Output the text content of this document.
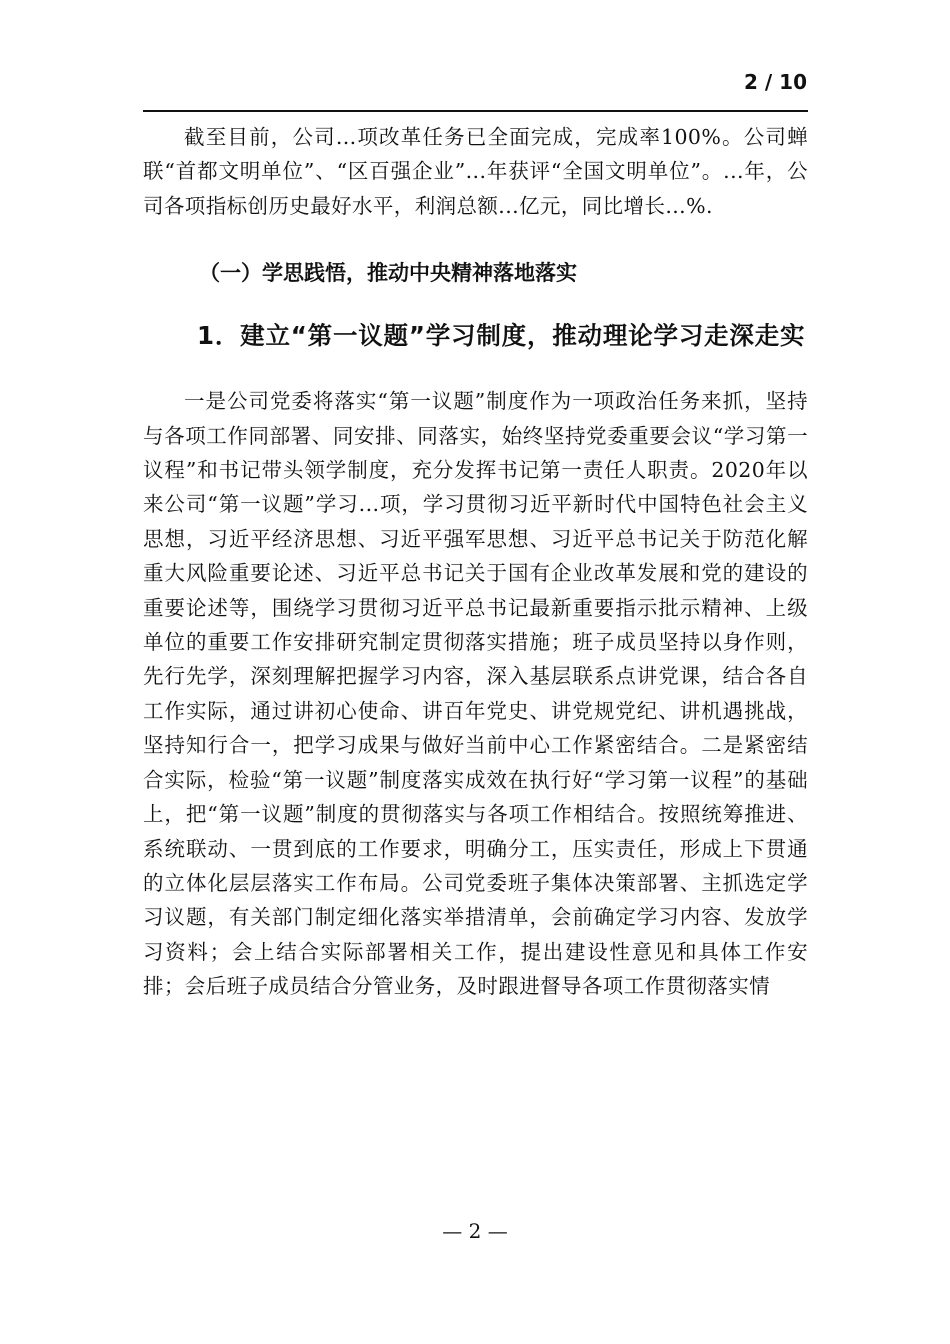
2 / 10

截至目前，公司...项改革任务已全面完成，完成率100%。公司蝉联“首都文明单位”、“区百强企业”...年获评“全国文明单位”。...年，公司各项指标创历史最好水平，利润总额...亿元，同比增长...%.

（一）学思践悟，推动中央精神落地落实
1．建立“第一议题”学习制度，推动理论学习走深走实

一是公司党委将落实“第一议题”制度作为一项政治任务来抓，坚持与各项工作同部署、同安排、同落实，始终坚持党委重要会议“学习第一议程”和书记带头领学制度，充分发挥书记第一责任人职责。2020年以来公司“第一议题”学习...项，学习贯彻习近平新时代中国特色社会主义思想，习近平经济思想、习近平强军思想、习近平总书记关于防范化解重大风险重要论述、习近平总书记关于国有企业改革发展和党的建设的重要论述等，围绕学习贯彻习近平总书记最新重要指示批示精神、上级单位的重要工作安排研究制定贯彻落实措施；班子成员坚持以身作则，先行先学，深刻理解把握学习内容，深入基层联系点讲党课，结合各自工作实际，通过讲初心使命、讲百年党史、讲党规党纪、讲机遇挑战，坚持知行合一，把学习成果与做好当前中心工作紧密结合。二是紧密结合实际，检验“第一议题”制度落实成效在执行好“学习第一议程”的基础上，把“第一议题”制度的贯彻落实与各项工作相结合。按照统筹推进、系统联动、一贯到底的工作要求，明确分工，压实责任，形成上下贯通的立体化层层落实工作布局。公司党委班子集体决策部署、主抓选定学习议题，有关部门制定细化落实举措清单，会前确定学习内容、发放学习资料；会上结合实际部署相关工作，提出建设性意见和具体工作安排；会后班子成员结合分管业务，及时跟进督导各项工作贯彻落实情

— 2 —
